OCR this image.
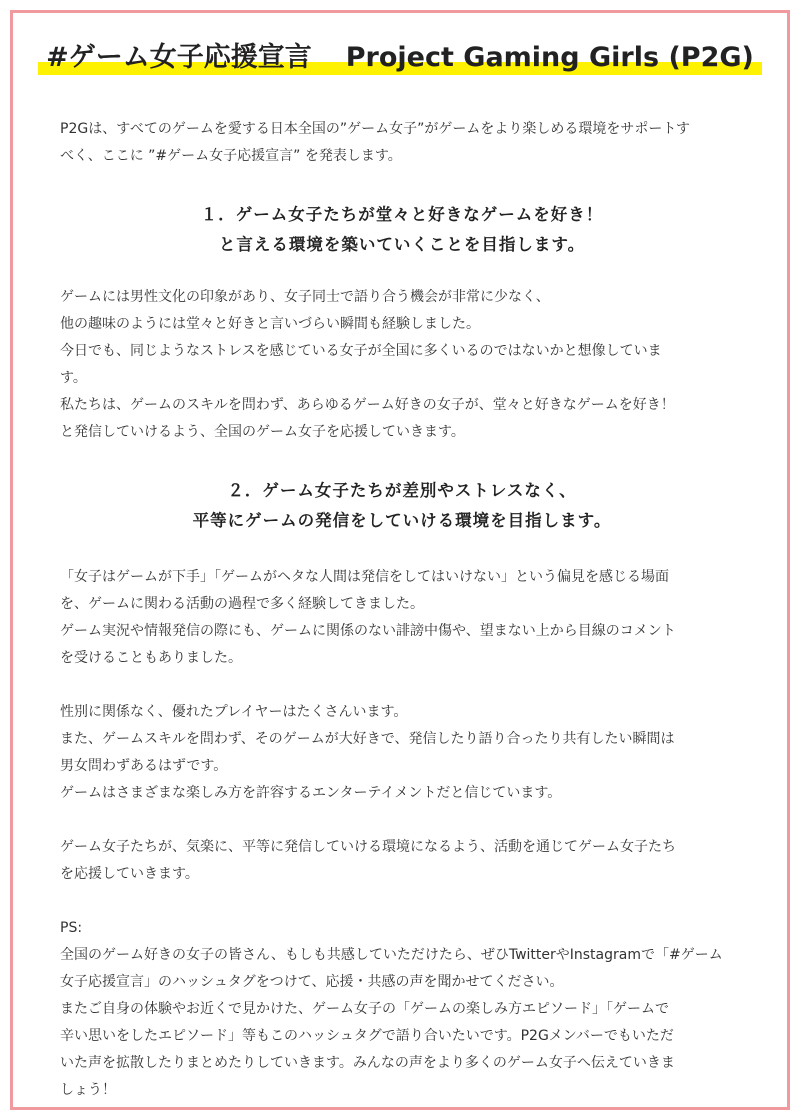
#ゲーム女子応援宣言 Project Gaming Girls (P2G)

P2Gは、すべてのゲームを愛する日本全国の”ゲーム女子”がゲームをより楽しめる環境をサポートす
べく、ここに ”#ゲーム女子応援宣言” を発表します。

１．ゲーム女子たちが堂々と好きなゲームを好き！
と言える環境を築いていくことを目指します。

ゲームには男性文化の印象があり、女子同士で語り合う機会が非常に少なく、
他の趣味のようには堂々と好きと言いづらい瞬間も経験しました。
今日でも、同じようなストレスを感じている女子が全国に多くいるのではないかと想像していま
す。
私たちは、ゲームのスキルを問わず、あらゆるゲーム好きの女子が、堂々と好きなゲームを好き！
と発信していけるよう、全国のゲーム女子を応援していきます。

２．ゲーム女子たちが差別やストレスなく、
平等にゲームの発信をしていける環境を目指します。

「女子はゲームが下手」「ゲームがヘタな人間は発信をしてはいけない」という偏見を感じる場面
を、ゲームに関わる活動の過程で多く経験してきました。
ゲーム実況や情報発信の際にも、ゲームに関係のない誹謗中傷や、望まない上から目線のコメント
を受けることもありました。

性別に関係なく、優れたプレイヤーはたくさんいます。
また、ゲームスキルを問わず、そのゲームが大好きで、発信したり語り合ったり共有したい瞬間は
男女問わずあるはずです。
ゲームはさまざまな楽しみ方を許容するエンターテイメントだと信じています。

ゲーム女子たちが、気楽に、平等に発信していける環境になるよう、活動を通じてゲーム女子たち
を応援していきます。

PS:
全国のゲーム好きの女子の皆さん、もしも共感していただけたら、ぜひTwitterやInstagramで「#ゲーム
女子応援宣言」のハッシュタグをつけて、応援・共感の声を聞かせてください。
またご自身の体験やお近くで見かけた、ゲーム女子の「ゲームの楽しみ方エピソード」「ゲームで
辛い思いをしたエピソード」等もこのハッシュタグで語り合いたいです。P2Gメンバーでもいただ
いた声を拡散したりまとめたりしていきます。みんなの声をより多くのゲーム女子へ伝えていきま
しょう！
